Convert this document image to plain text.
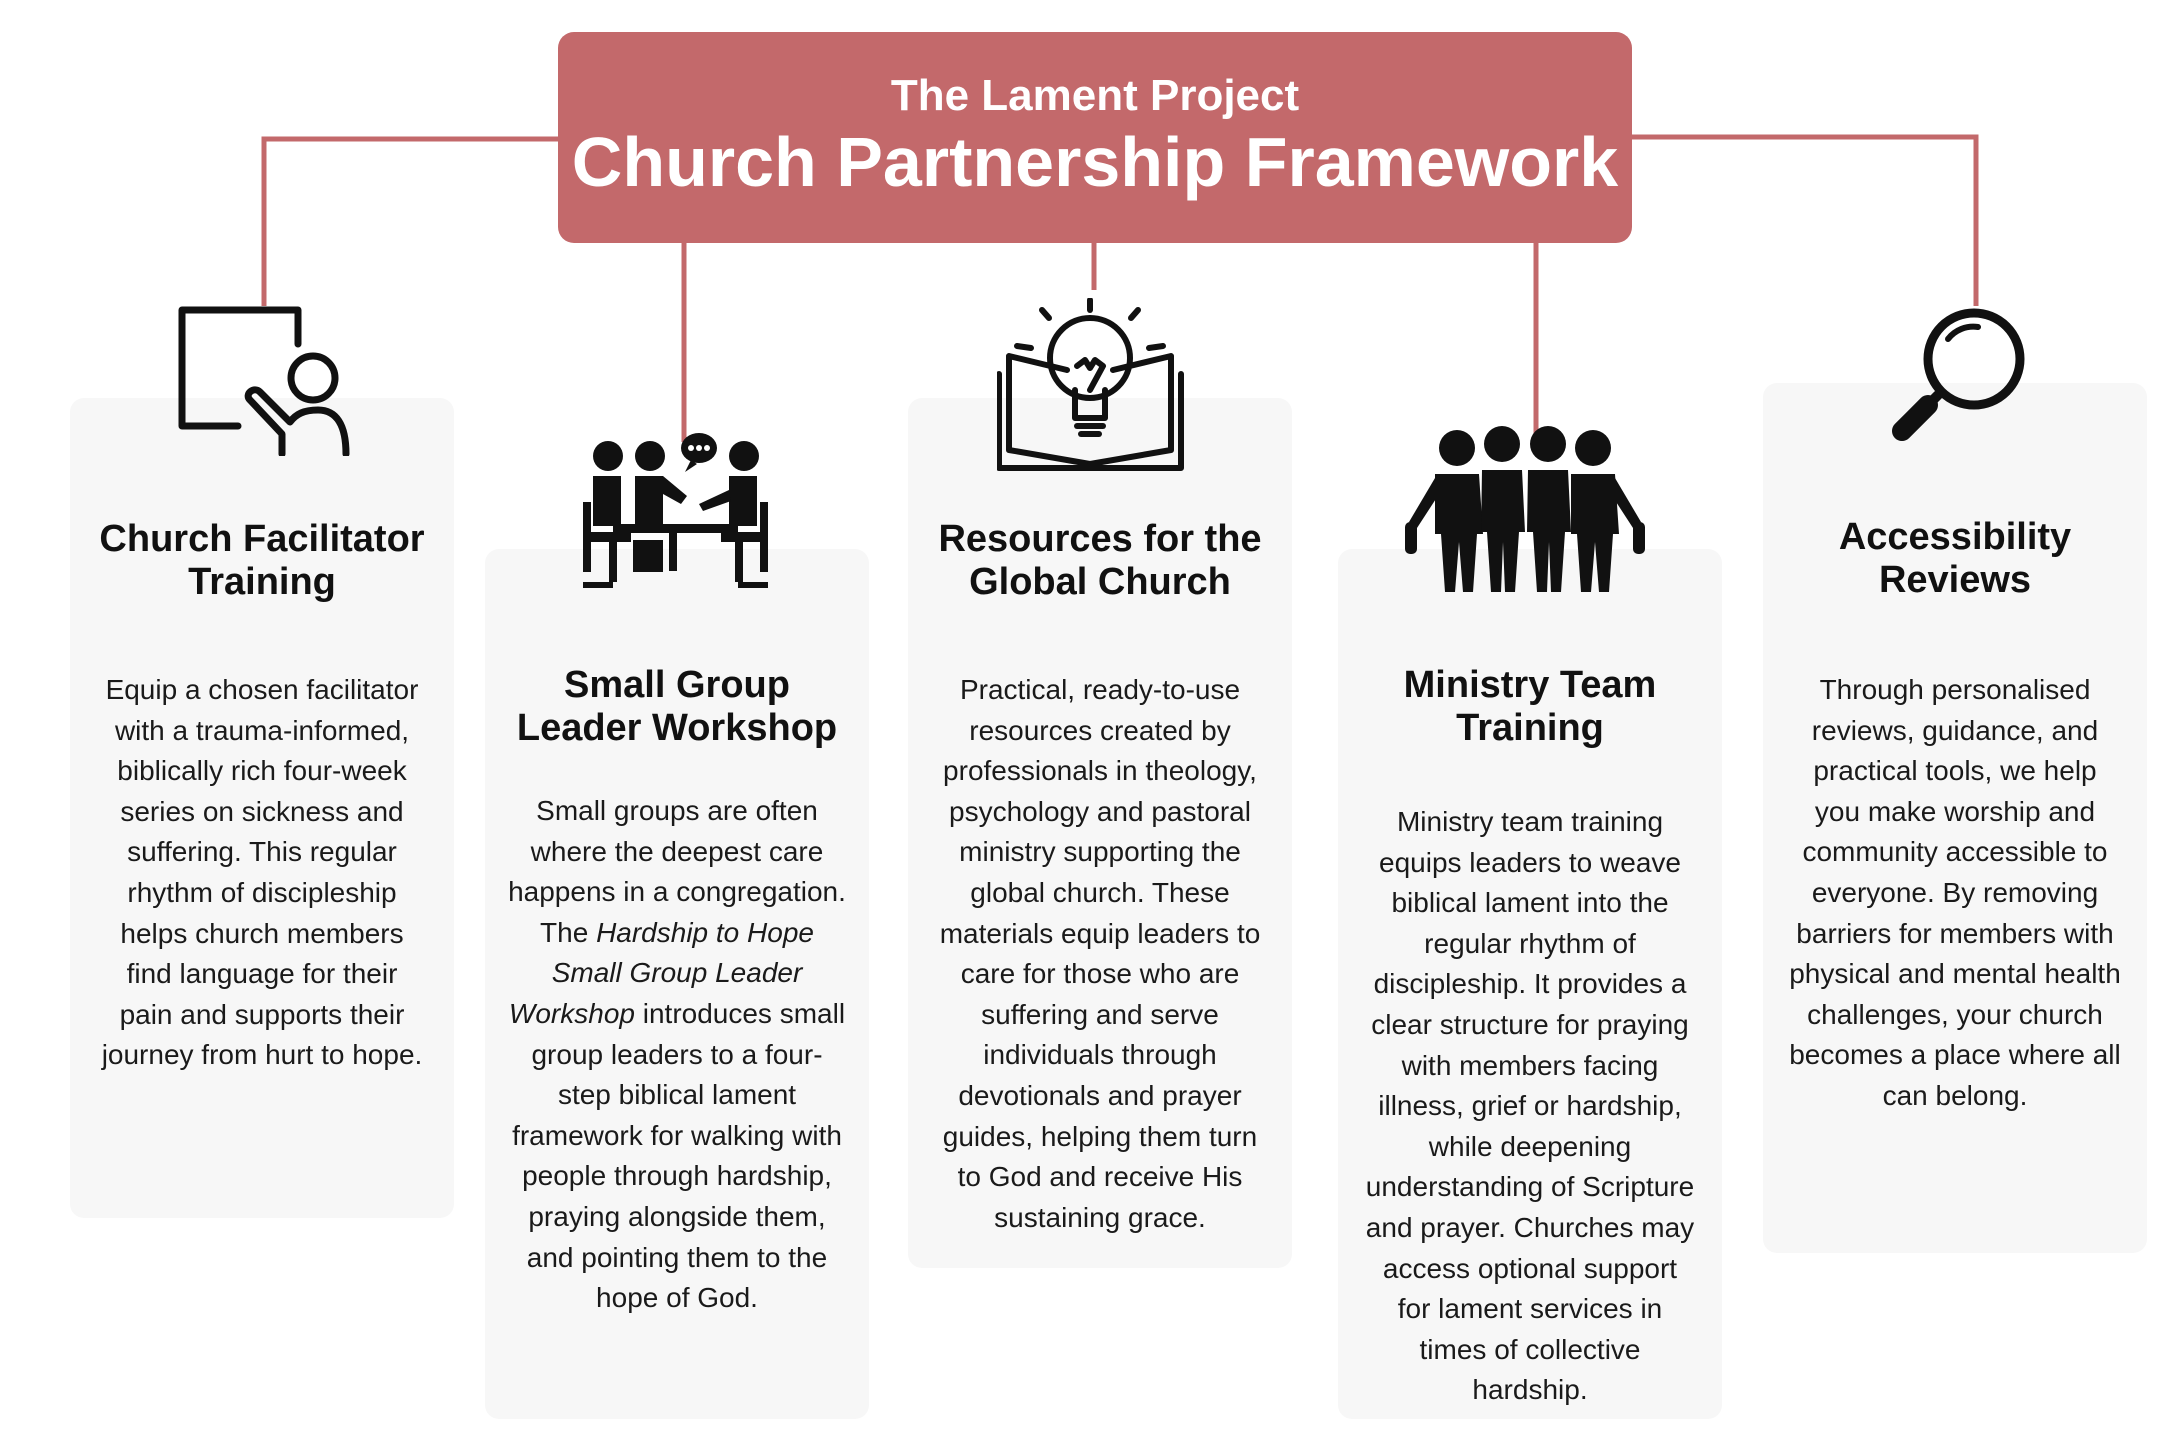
The Lament Project
Church Partnership Framework
Church Facilitator
Training

Equip a chosen facilitator
with a trauma-informed,
biblically rich four-week
series on sickness and
suffering. This regular
rhythm of discipleship
helps church members
find language for their
pain and supports their
journey from hurt to hope.

Small Group
Leader Workshop

Small groups are often
where the deepest care
happens in a congregation.
The Hardship to Hope
Small Group Leader
Workshop introduces small
group leaders to a four-
step biblical lament
framework for walking with
people through hardship,
praying alongside them,
and pointing them to the
hope of God.

Resources for the
Global Church

Practical, ready-to-use
resources created by
professionals in theology,
psychology and pastoral
ministry supporting the
global church. These
materials equip leaders to
care for those who are
suffering and serve
individuals through
devotionals and prayer
guides, helping them turn
to God and receive His
sustaining grace.

Ministry Team
Training

Ministry team training
equips leaders to weave
biblical lament into the
regular rhythm of
discipleship. It provides a
clear structure for praying
with members facing
illness, grief or hardship,
while deepening
understanding of Scripture
and prayer. Churches may
access optional support
for lament services in
times of collective
hardship.

Accessibility
Reviews

Through personalised
reviews, guidance, and
practical tools, we help
you make worship and
community accessible to
everyone. By removing
barriers for members with
physical and mental health
challenges, your church
becomes a place where all
can belong.
